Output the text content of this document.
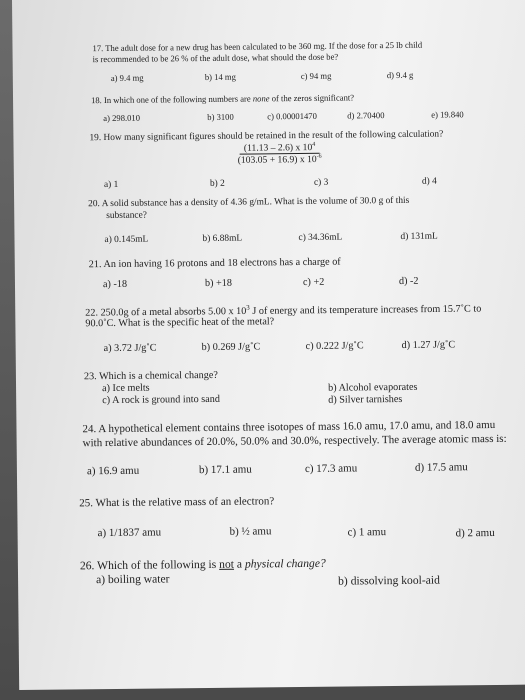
17. The adult dose for a new drug has been calculated to be 360 mg. If the dose for a 25 lb child
is recommended to be 26 % of the adult dose, what should the dose be?
a) 9.4 mg	b) 14 mg	c) 94 mg	d) 9.4 g
18. In which one of the following numbers are none of the zeros significant?
a) 298.010	b) 3100	c) 0.00001470	d) 2.70400	e) 19.840
19. How many significant figures should be retained in the result of the following calculation?
$\frac{(11.13 - 2.6) x 10^4}{(103.05 + 16.9) x 10^{-6}}$
a) 1	b) 2	c) 3	d) 4
20. A solid substance has a density of 4.36 g/mL. What is the volume of 30.0 g of this
substance?
a) 0.145mL	b) 6.88mL	c) 34.36mL	d) 131mL
21. An ion having 16 protons and 18 electrons has a charge of
a) -18	b) +18	c) +2	d) -2
22. 250.0g of a metal absorbs 5.00 x $10^3$ J of energy and its temperature increases from 15.7˚C to
90.0˚C. What is the specific heat of the metal?
a) 3.72 J/g˚C	b) 0.269 J/g˚C	c) 0.222 J/g˚C	d) 1.27 J/g˚C
23. Which is a chemical change?
a) Ice melts	b) Alcohol evaporates
c) A rock is ground into sand	d) Silver tarnishes
24. A hypothetical element contains three isotopes of mass 16.0 amu, 17.0 amu, and 18.0 amu
with relative abundances of 20.0%, 50.0% and 30.0%, respectively. The average atomic mass is:
a) 16.9 amu	b) 17.1 amu	c) 17.3 amu	d) 17.5 amu
25. What is the relative mass of an electron?
a) 1/1837 amu	b) ½ amu	c) 1 amu	d) 2 amu
26. Which of the following is not a physical change?
a) boiling water	b) dissolving kool-aid
